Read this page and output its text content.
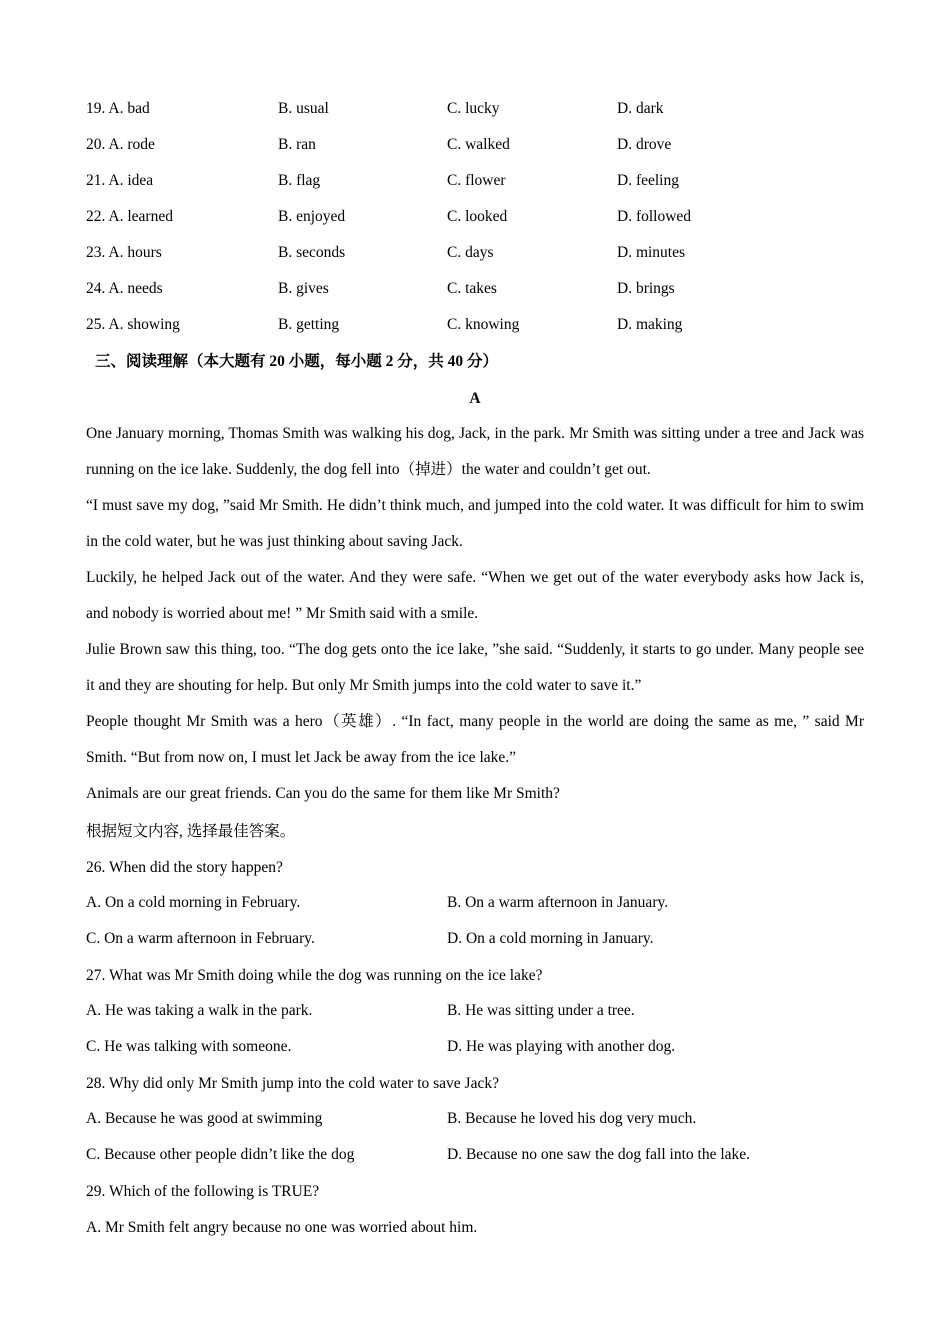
19. A. bad	B. usual	C. lucky	D. dark
20. A. rode	B. ran	C. walked	D. drove
21. A. idea	B. flag	C. flower	D. feeling
22. A. learned	B. enjoyed	C. looked	D. followed
23. A. hours	B. seconds	C. days	D. minutes
24. A. needs	B. gives	C. takes	D. brings
25. A. showing	B. getting	C. knowing	D. making
三、阅读理解（本大题有 20 小题，每小题 2 分，共 40 分）
A
One January morning, Thomas Smith was walking his dog, Jack, in the park. Mr Smith was sitting under a tree and Jack was running on the ice lake. Suddenly, the dog fell into（掉进）the water and couldn’t get out.
“I must save my dog, ”said Mr Smith. He didn’t think much, and jumped into the cold water. It was difficult for him to swim in the cold water, but he was just thinking about saving Jack.
Luckily, he helped Jack out of the water. And they were safe. “When we get out of the water everybody asks how Jack is, and nobody is worried about me! ” Mr Smith said with a smile.
Julie Brown saw this thing, too. “The dog gets onto the ice lake, ”she said. “Suddenly, it starts to go under. Many people see it and they are shouting for help. But only Mr Smith jumps into the cold water to save it.”
People thought Mr Smith was a hero（英雄）. “In fact, many people in the world are doing the same as me, ” said Mr Smith. “But from now on, I must let Jack be away from the ice lake.”
Animals are our great friends. Can you do the same for them like Mr Smith?
根据短文内容, 选择最佳答案。
26. When did the story happen?
A. On a cold morning in February.	B. On a warm afternoon in January.
C. On a warm afternoon in February.	D. On a cold morning in January.
27. What was Mr Smith doing while the dog was running on the ice lake?
A. He was taking a walk in the park.	B. He was sitting under a tree.
C. He was talking with someone.	D. He was playing with another dog.
28. Why did only Mr Smith jump into the cold water to save Jack?
A. Because he was good at swimming	B. Because he loved his dog very much.
C. Because other people didn’t like the dog	D. Because no one saw the dog fall into the lake.
29. Which of the following is TRUE?
A. Mr Smith felt angry because no one was worried about him.
